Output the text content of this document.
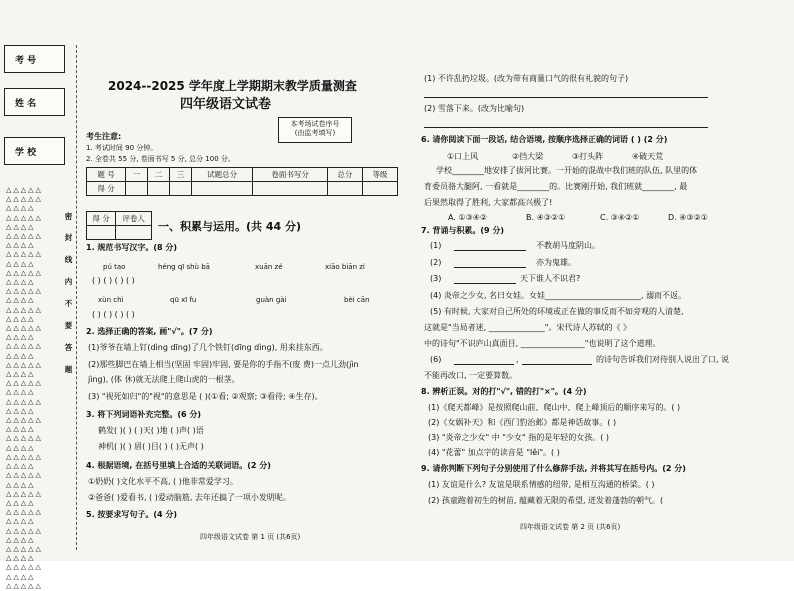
考 号
姓 名
学 校
△△△△△
△△△△△
△△△△
△△△△△
△△△△
△△△△△
△△△△
△△△△△
△△△△
△△△△△
△△△△
△△△△△
△△△△
△△△△△
△△△△
△△△△△
△△△△
△△△△△
△△△△
△△△△△
△△△△
△△△△△
△△△△
△△△△△
△△△△
△△△△△
△△△△
△△△△△
△△△△
△△△△△
△△△△
△△△△△
△△△△
△△△△△
△△△△
△△△△△
△△△△
△△△△△
△△△△
△△△△△
△△△△
△△△△△
△△△△
△△△△△
密
封
线
内
不
要
答
题
2024--2025 学年度上学期期末教学质量测查
四年级语文试卷
本考场试卷序号
(由监考填写)
考生注意:
1. 考试时间 90 分钟。
2. 全卷共 55 分, 卷面书写 5 分, 总分 100 分。
题 号	一	二	三	试题总分	卷面书写分	总分	等级
得 分							
得 分	评卷人

一、积累与运用。(共 44 分)
1. 规范书写汉字。(8 分)
pú tao	héng qī shù bā	xuān zé	xiāo biān zi
( ) ( ) ( ) ( )
xùn chì	qū xī fu	guàn gài	bèi cān
( ) ( ) ( ) ( )
2. 选择正确的答案, 画"√"。(7 分)
(1)爷爷在墙上钉(dìng dīng)了几个铁钉(dīng dìng), 用来挂东西。
(2)那些脚巴在墙上相当(坚固 牢固)牢固, 要是你的手指不(废 费)一点儿劲(jìn
jìng), (体 休)就无法爬上爬山虎的一根茎。
(3) "视死如归"的"视"的意思是 ( )(①看; ②观察; ③看待; ④生存)。
3. 将下列词语补充完整。(6 分)
鹤发( )( ) ( )天( )地 ( )声( )语
神机( )( ) 眉( )目( ) ( )无声( )
4. 根据语境, 在括号里填上合适的关联词语。(2 分)
①奶奶( )文化水平不高, ( )他非常爱学习。
②爸爸( )爱看书, ( )爱动脑筋, 去年还搞了一项小发明呢。
5. 按要求写句子。(4 分)
四年级语文试卷 第 1 页 (共6页)
(1) 不许乱扔垃圾。(改为带有商量口气的很有礼貌的句子)
(2) 雪落下来。(改为比喻句)
6. 请你阅读下面一段话, 结合语境, 按顺序选择正确的词语 ( ) (2 分)
①口上风	②挡大梁	③打头阵	④破天荒
学校________地安排了拔河比赛。一开始的混战中我们班的队伍, 队里的体
育委员骆大腿阿, 一看就是________的。比赛刚开始, 我们班就________, 最
后果然取得了胜利, 大家都高兴极了!
A. ①③④②	B. ④③②①	C. ③④②①	D. ④③②①
7. 背诵与积累。(9 分)
(1)	不教胡马度阴山。
(2)	亦为鬼雄。
(3)	天下谁人不识君?
(4) 炎帝之少女, 名曰女娃。女娃________________________, 溺而不返。
(5) 有时候, 大家对自己所处的环境或正在做的事反而不如旁观的人清楚,
这就是"当局者迷, ______________"。宋代诗人苏轼的《 》
中的诗句"不识庐山真面目, ________________"也说明了这个道理。
(6)	,	的诗句告诉我们对待别人说出了口, 说
不能再改口, 一定要算数。
8. 辨析正误。对的打"√", 错的打"×"。(4 分)
(1)《爬天都峰》是按照爬山前、爬山中、爬上峰顶后的顺序来写的。( )
(2)《女娲补天》和《西门豹治邺》都是神话故事。( )
(3) "炎帝之少女" 中 "少女" 指的是年轻的女孩。( )
(4) "花蕾" 加点字的读音是 "lěi"。( )
9. 请你判断下列句子分别使用了什么修辞手法, 并将其写在括号内。(2 分)
(1) 友谊是什么? 友谊是联系情感的纽带, 是相互沟通的桥梁。( )
(2) 孩童跑着初生的树苗, 蕴藏着无限的希望, 迸发着蓬勃的朝气。(
四年级语文试卷 第 2 页 (共6页)
